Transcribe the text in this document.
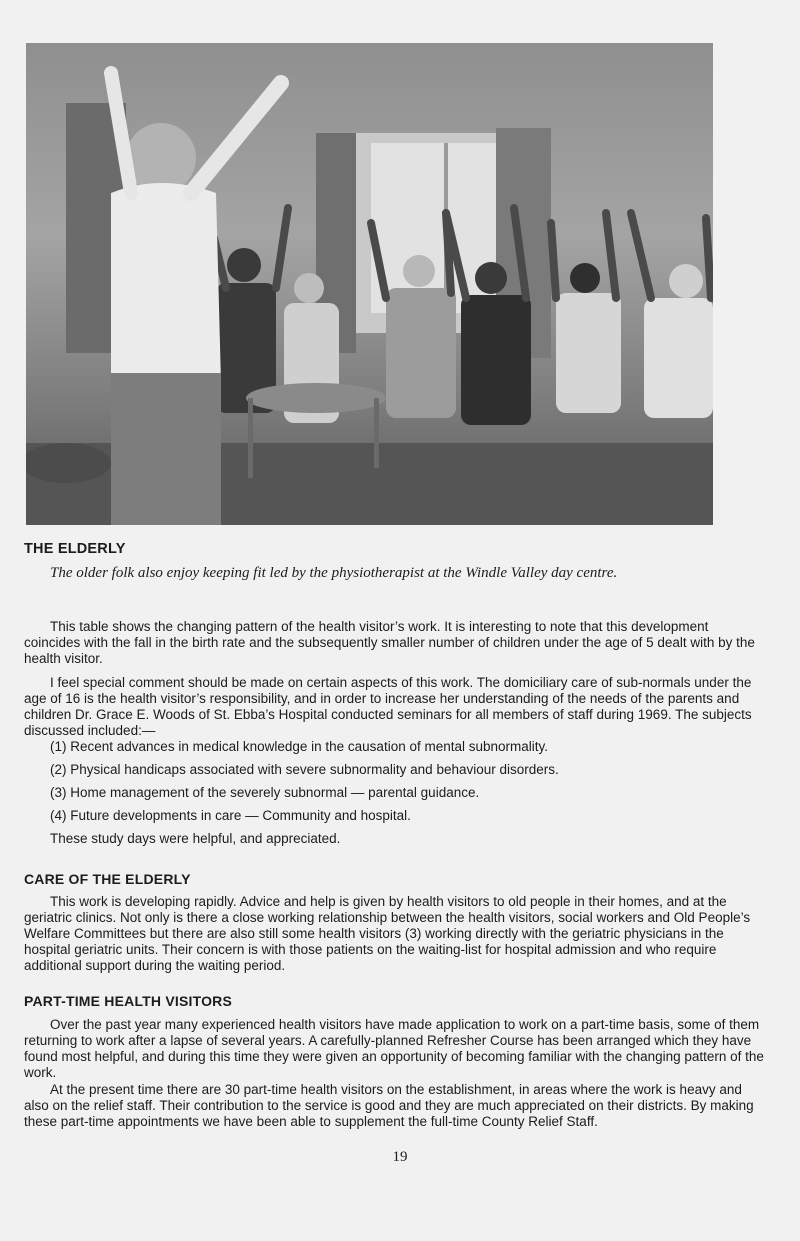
THE ELDERLY
The older folk also enjoy keeping fit led by the physiotherapist at the Windle Valley day centre.

This table shows the changing pattern of the health visitor’s work. It is interesting to note that this development coincides with the fall in the birth rate and the subsequently smaller number of children under the age of 5 dealt with by the health visitor.

I feel special comment should be made on certain aspects of this work. The domiciliary care of sub-normals under the age of 16 is the health visitor’s responsibility, and in order to increase her understanding of the needs of the parents and children Dr. Grace E. Woods of St. Ebba’s Hospital conducted seminars for all members of staff during 1969. The subjects discussed included:—

(1) Recent advances in medical knowledge in the causation of mental subnormality.
(2) Physical handicaps associated with severe subnormality and behaviour disorders.
(3) Home management of the severely subnormal — parental guidance.
(4) Future developments in care — Community and hospital.
These study days were helpful, and appreciated.
CARE OF THE ELDERLY

This work is developing rapidly. Advice and help is given by health visitors to old people in their homes, and at the geriatric clinics. Not only is there a close working relationship between the health visitors, social workers and Old People’s Welfare Committees but there are also still some health visitors (3) working directly with the geriatric physicians in the hospital geriatric units. Their concern is with those patients on the waiting-list for hospital admission and who require additional support during the waiting period.

PART-TIME HEALTH VISITORS

Over the past year many experienced health visitors have made application to work on a part-time basis, some of them returning to work after a lapse of several years. A carefully-planned Refresher Course has been arranged which they have found most helpful, and during this time they were given an opportunity of becoming familiar with the changing pattern of the work.

At the present time there are 30 part-time health visitors on the establishment, in areas where the work is heavy and also on the relief staff. Their contribution to the service is good and they are much appreciated on their districts. By making these part-time appointments we have been able to supplement the full-time County Relief Staff.

19
